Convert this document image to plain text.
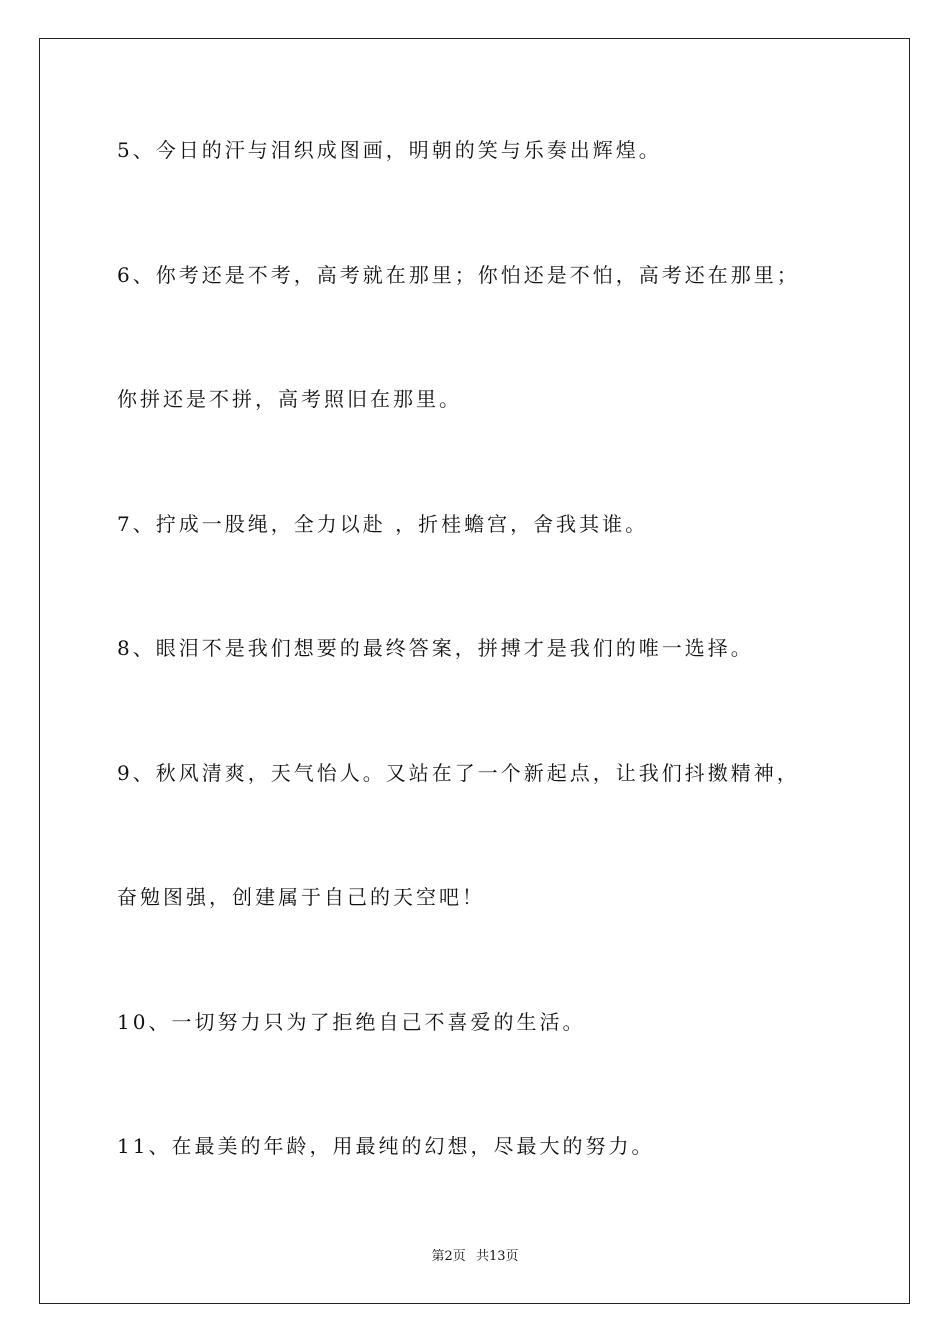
5、今日的汗与泪织成图画，明朝的笑与乐奏出辉煌。
6、你考还是不考，高考就在那里；你怕还是不怕，高考还在那里；
你拼还是不拼，高考照旧在那里。
7、拧成一股绳，全力以赴 ，折桂蟾宫，舍我其谁。
8、眼泪不是我们想要的最终答案，拼搏才是我们的唯一选择。
9、秋风清爽，天气怡人。又站在了一个新起点，让我们抖擞精神，
奋勉图强，创建属于自己的天空吧！
10、一切努力只为了拒绝自己不喜爱的生活。
11、在最美的年龄，用最纯的幻想，尽最大的努力。
第2页 共13页
